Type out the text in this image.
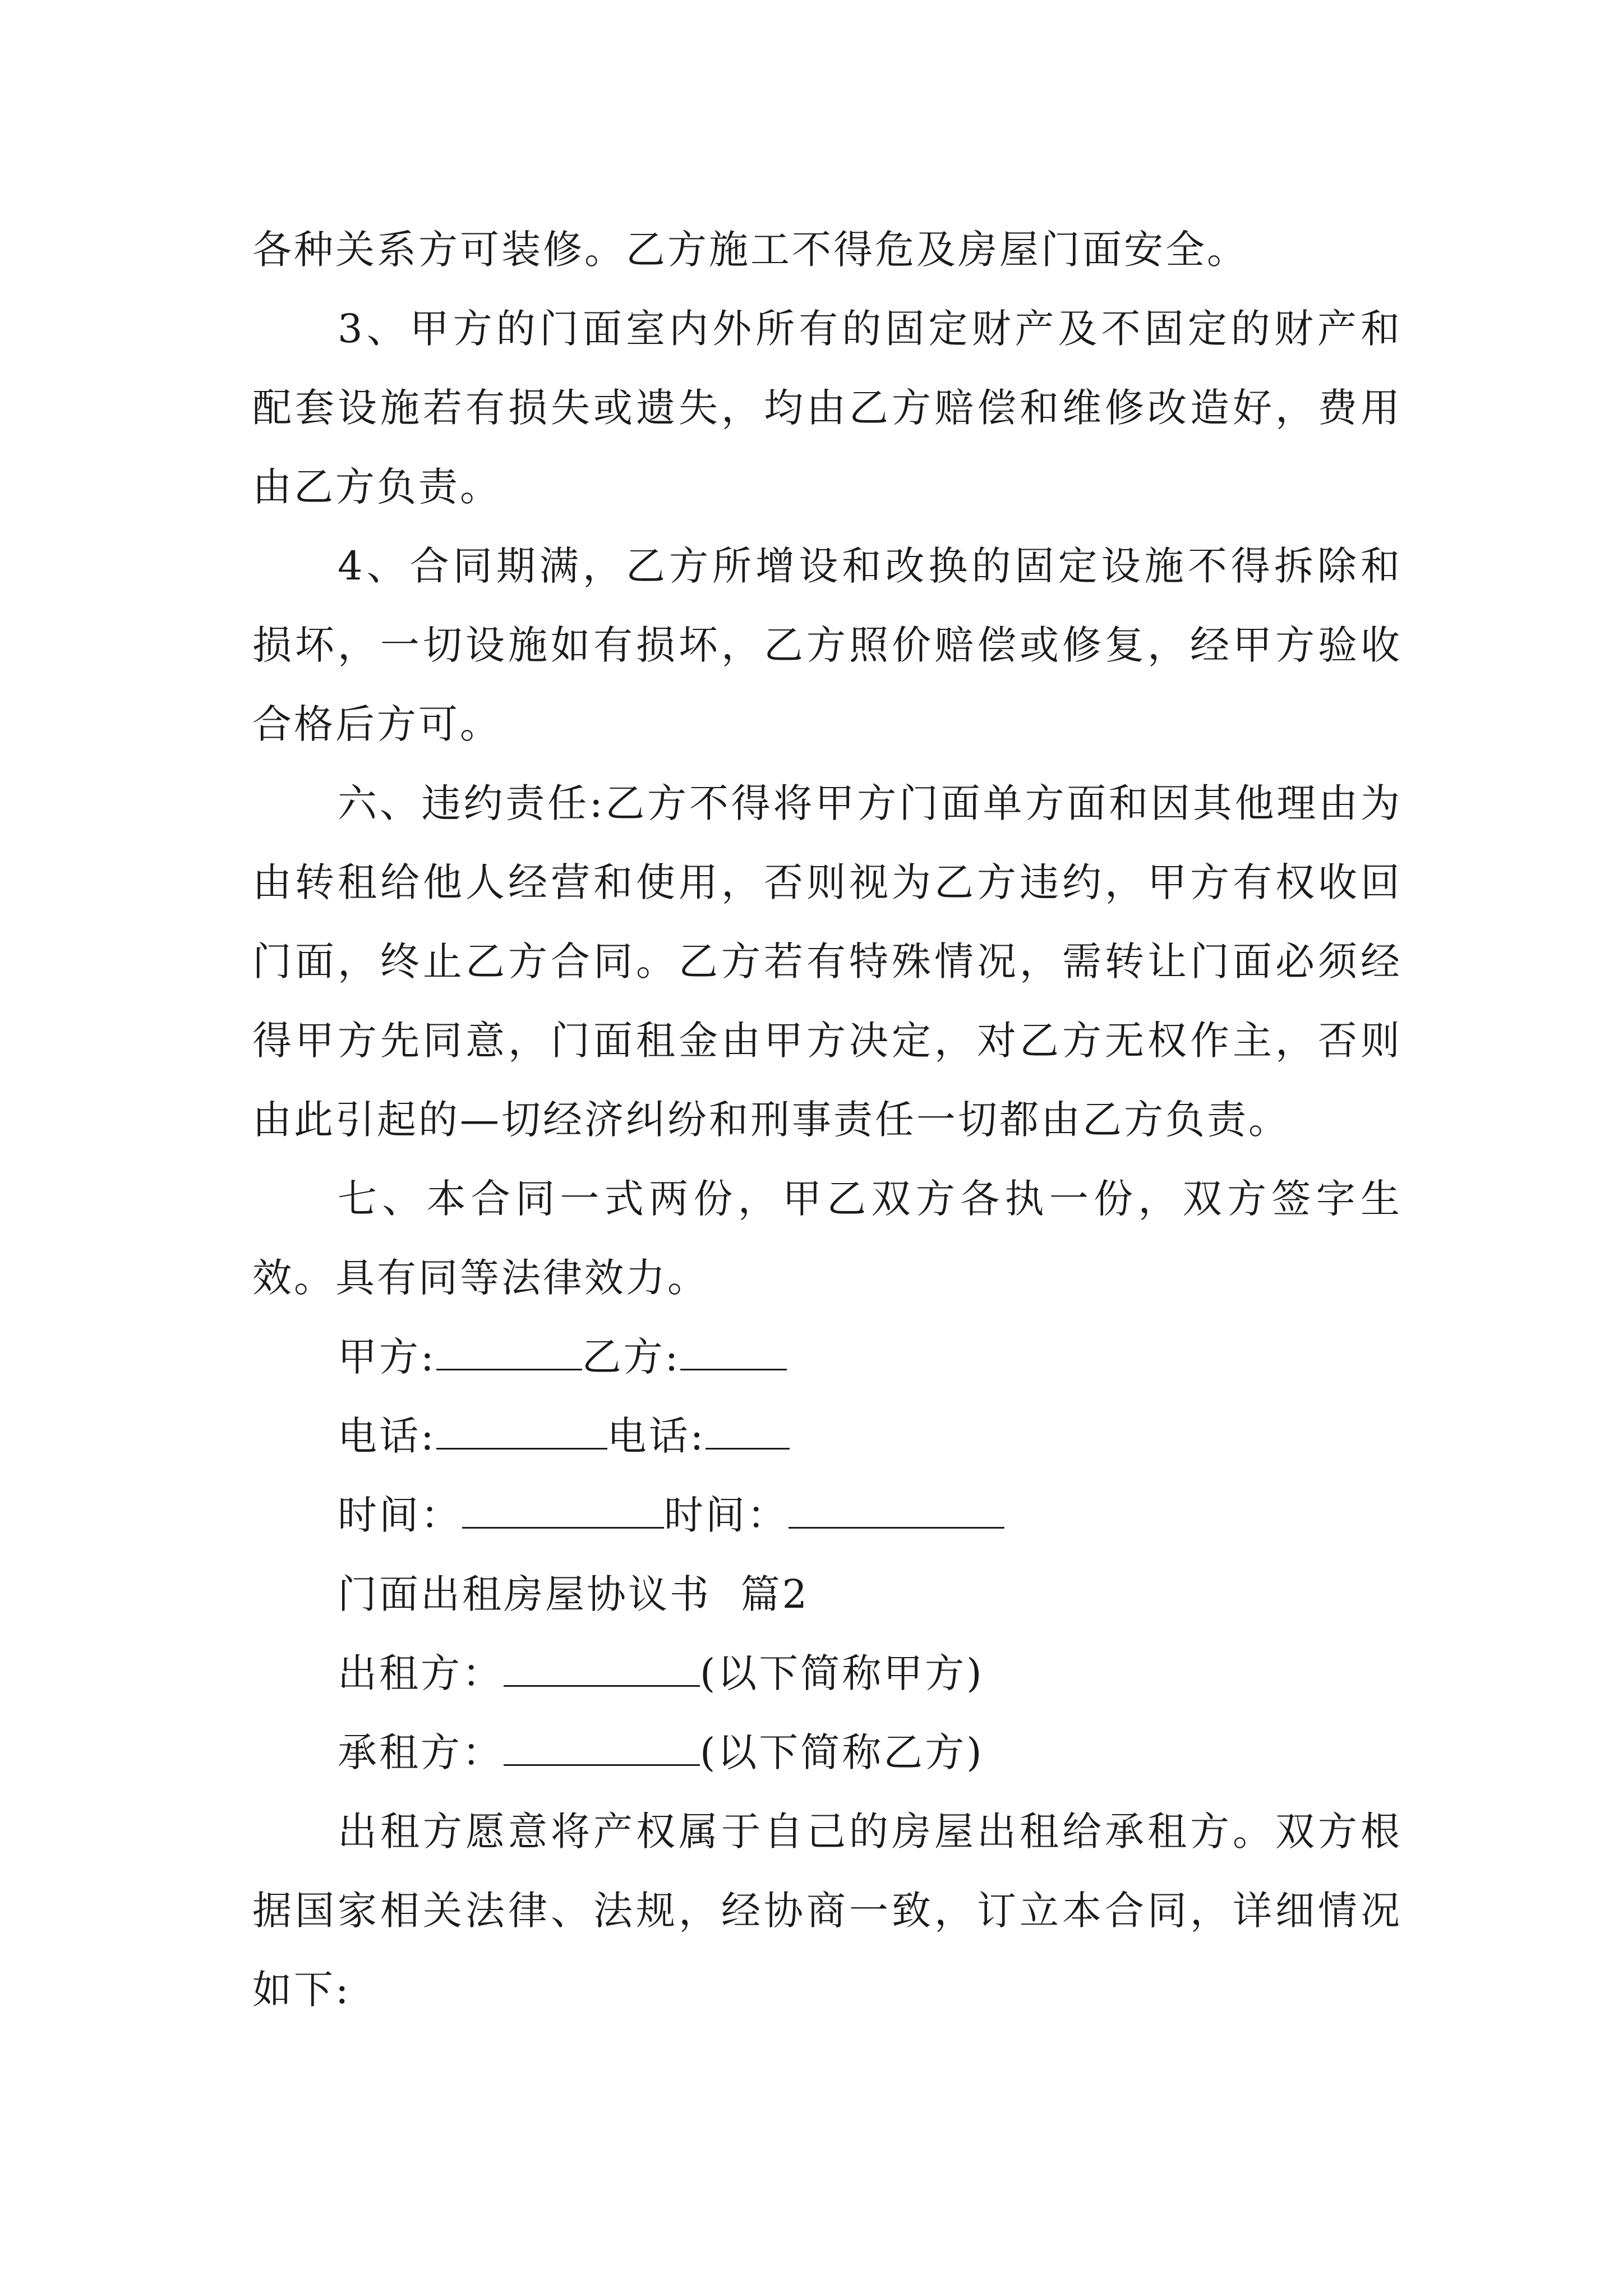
各种关系方可装修。乙方施工不得危及房屋门面安全。

3、甲方的门面室内外所有的固定财产及不固定的财产和配套设施若有损失或遗失，均由乙方赔偿和维修改造好，费用由乙方负责。

4、合同期满，乙方所增设和改换的固定设施不得拆除和损坏，一切设施如有损坏，乙方照价赔偿或修复，经甲方验收合格后方可。

六、违约责任:乙方不得将甲方门面单方面和因其他理由为由转租给他人经营和使用，否则视为乙方违约，甲方有权收回门面，终止乙方合同。乙方若有特殊情况，需转让门面必须经得甲方先同意，门面租金由甲方决定，对乙方无权作主，否则由此引起的—切经济纠纷和刑事责任一切都由乙方负责。

七、本合同一式两份，甲乙双方各执一份，双方签字生效。具有同等法律效力。

甲方:	乙方:
电话:	电话:
时间：	时间：
门面出租房屋协议书  篇2
出租方：	(以下简称甲方)
承租方：	(以下简称乙方)

出租方愿意将产权属于自己的房屋出租给承租方。双方根据国家相关法律、法规，经协商一致，订立本合同，详细情况如下:
